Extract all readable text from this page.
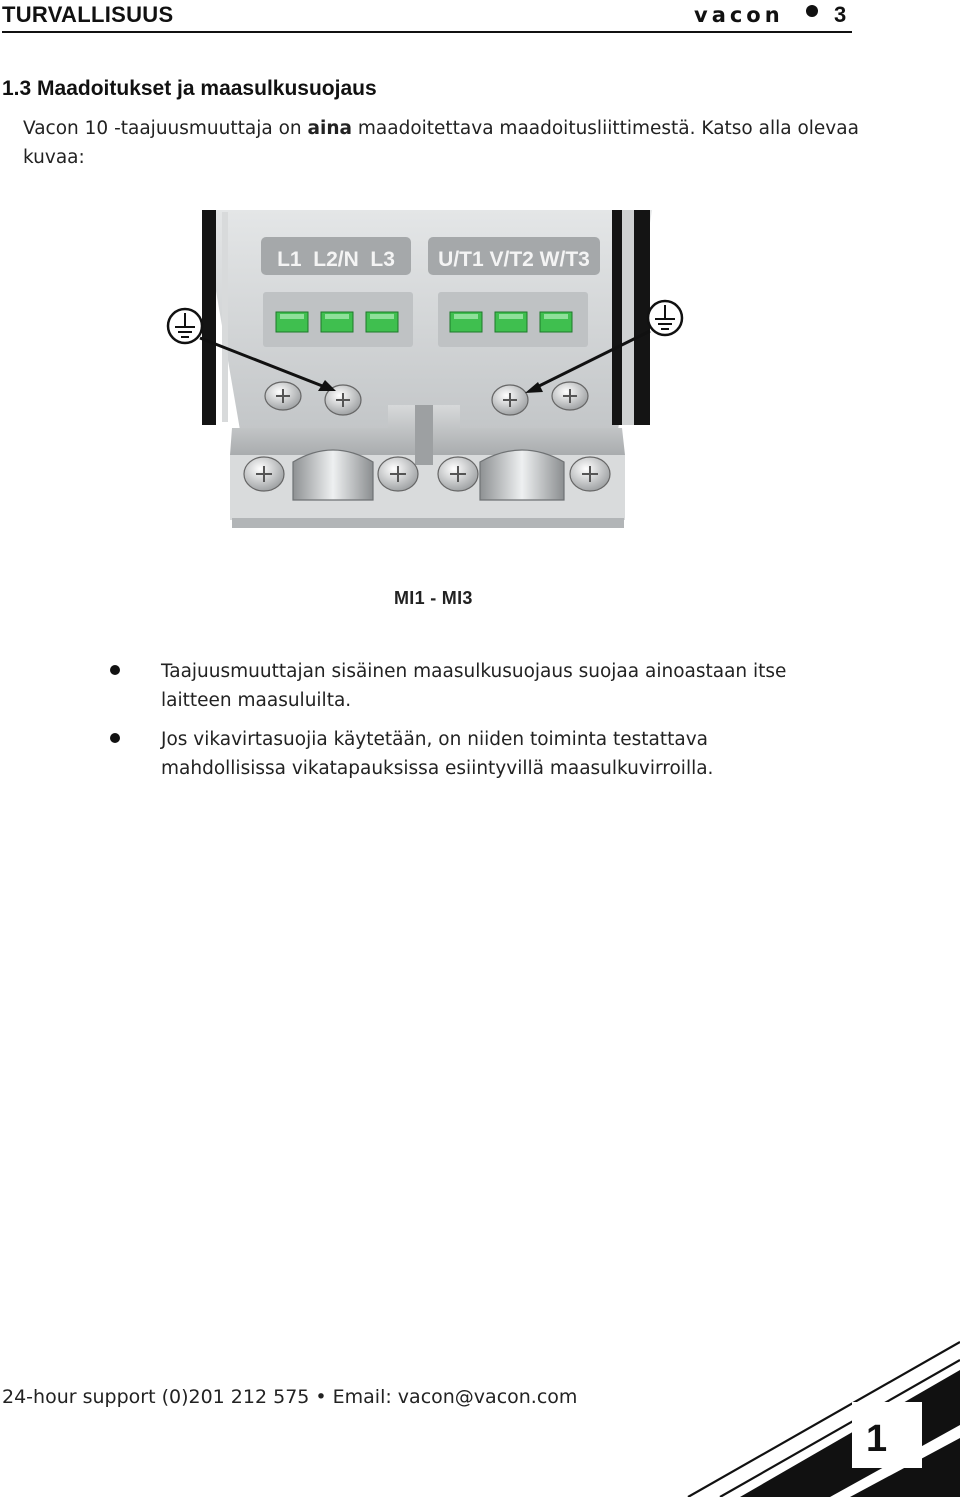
TURVALLISUUS	vacon 3
1.3 Maadoitukset ja maasulkusuojaus
Vacon 10 -taajuusmuuttaja on aina maadoitettava maadoitusliittimestä. Katso alla olevaa kuvaa:
L1  L2/N  L3 U/T1 V/T2 W/T3
MI1 - MI3
Taajuusmuuttajan sisäinen maasulkusuojaus suojaa ainoastaan itse laitteen maasuluilta.
Jos vikavirtasuojia käytetään, on niiden toiminta testattava mahdollisissa vikatapauksissa esiintyvillä maasulkuvirroilla.
24-hour support (0)201 212 575 • Email: vacon@vacon.com
1
